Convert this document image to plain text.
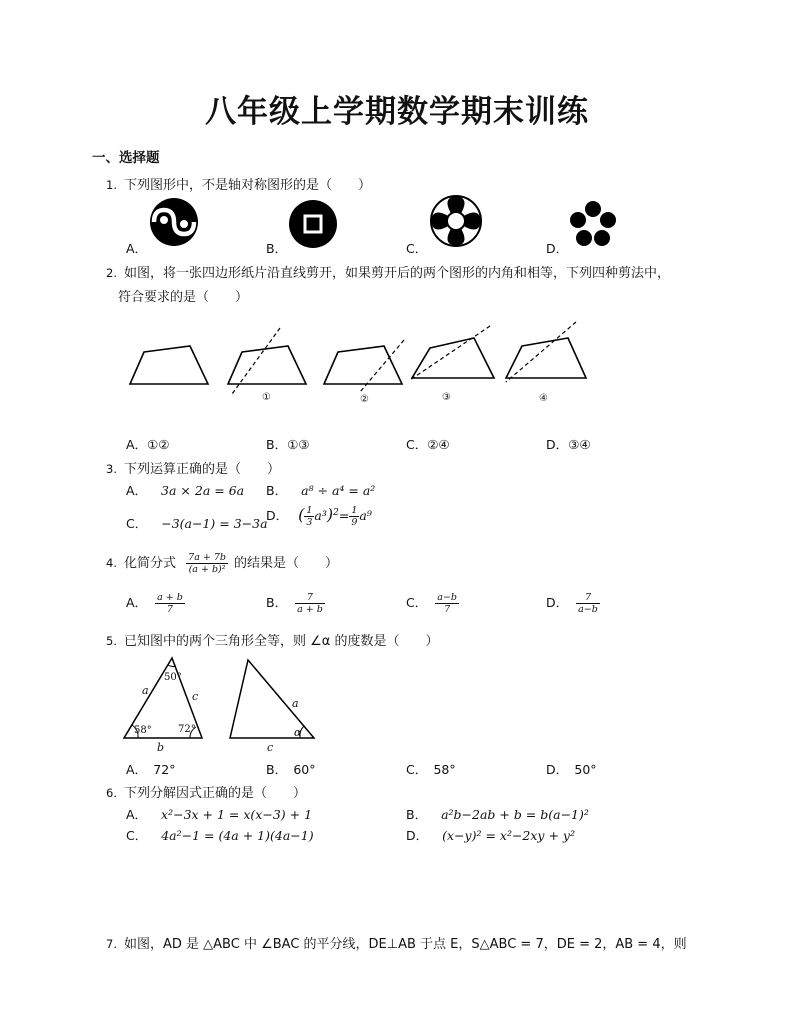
八年级上学期数学期末训练
一、选择题
1. 下列图形中，不是轴对称图形的是（　　）
A．	B．	C．	D．
2. 如图，将一张四边形纸片沿直线剪开，如果剪开后的两个图形的内角和相等，下列四种剪法中，
符合要求的是（　　）
①	②	③	④
A．①②	B．①③	C．②④	D．③④
3. 下列运算正确的是（　　）
A． 3a × 2a = 6a B． a⁸ ÷ a⁴ = a²
C． −3(a−1) = 3−3a
D． ( $\frac{1}{3} a^3)^2= \frac{1}{9} a^9$
4. 化简分式 $\frac{7a + 7b}{\text{(a + b)²}}$ 的结果是（　　）
A． $\frac{a + b}{7}$	B． $\frac{7}{a + b}$	C． $\frac{a-b}{7}$	D． $\frac{7}{a-b}$
5. 已知图中的两个三角形全等，则 ∠α 的度数是（　　）
50°
58°	72°
a
b
c
a
c
α
A．　72°	B．　60°	C．　58°	D．　50°
6. 下列分解因式正确的是（　　）
A． x²−3x + 1 = x(x−3) + 1	B． a²b−2ab + b = b(a−1)²
C． 4a²−1 = (4a + 1)(4a−1)	D． (x−y)² = x²−2xy + y²
7. 如图，AD 是 △ABC 中 ∠BAC 的平分线，DE⊥AB 于点 E，S△ABC = 7，DE = 2，AB = 4，则
